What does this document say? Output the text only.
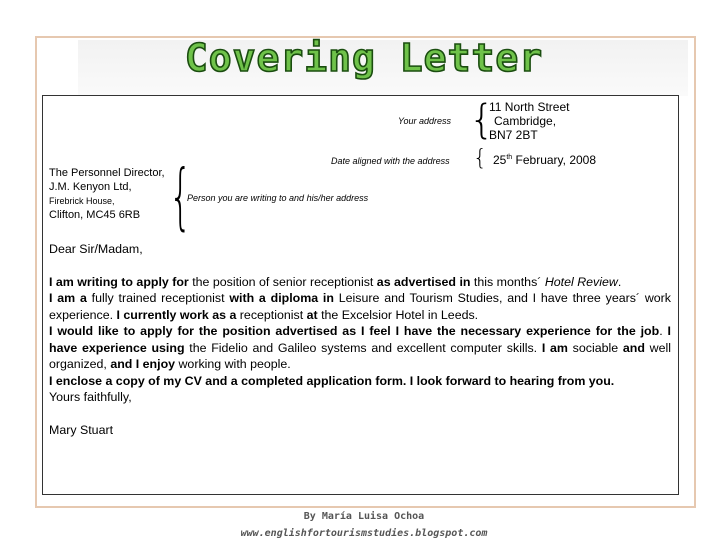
Covering Letter
Your address {
11 North Street
Cambridge,
BN7 2BT
Date aligned with the address { 25th February, 2008
The Personnel Director,
J.M. Kenyon Ltd,
Firebrick House,
Clifton, MC45 6RB {
Person you are writing to and his/her address

Dear Sir/Madam,

I am writing to apply for the position of senior receptionist as advertised in this months´ Hotel Review.

I am a fully trained receptionist with a diploma in Leisure and Tourism Studies, and I have three years´ work experience. I currently work as a receptionist at the Excelsior Hotel in Leeds.

I would like to apply for the position advertised as I feel I have the necessary experience for the job. I have experience using the Fidelio and Galileo systems and excellent computer skills. I am sociable and well organized, and I enjoy working with people.

I enclose a copy of my CV and a completed application form. I look forward to hearing from you.

Yours faithfully,

Mary Stuart

By María Luisa Ochoa
www.englishfortourismstudies.blogspot.com
